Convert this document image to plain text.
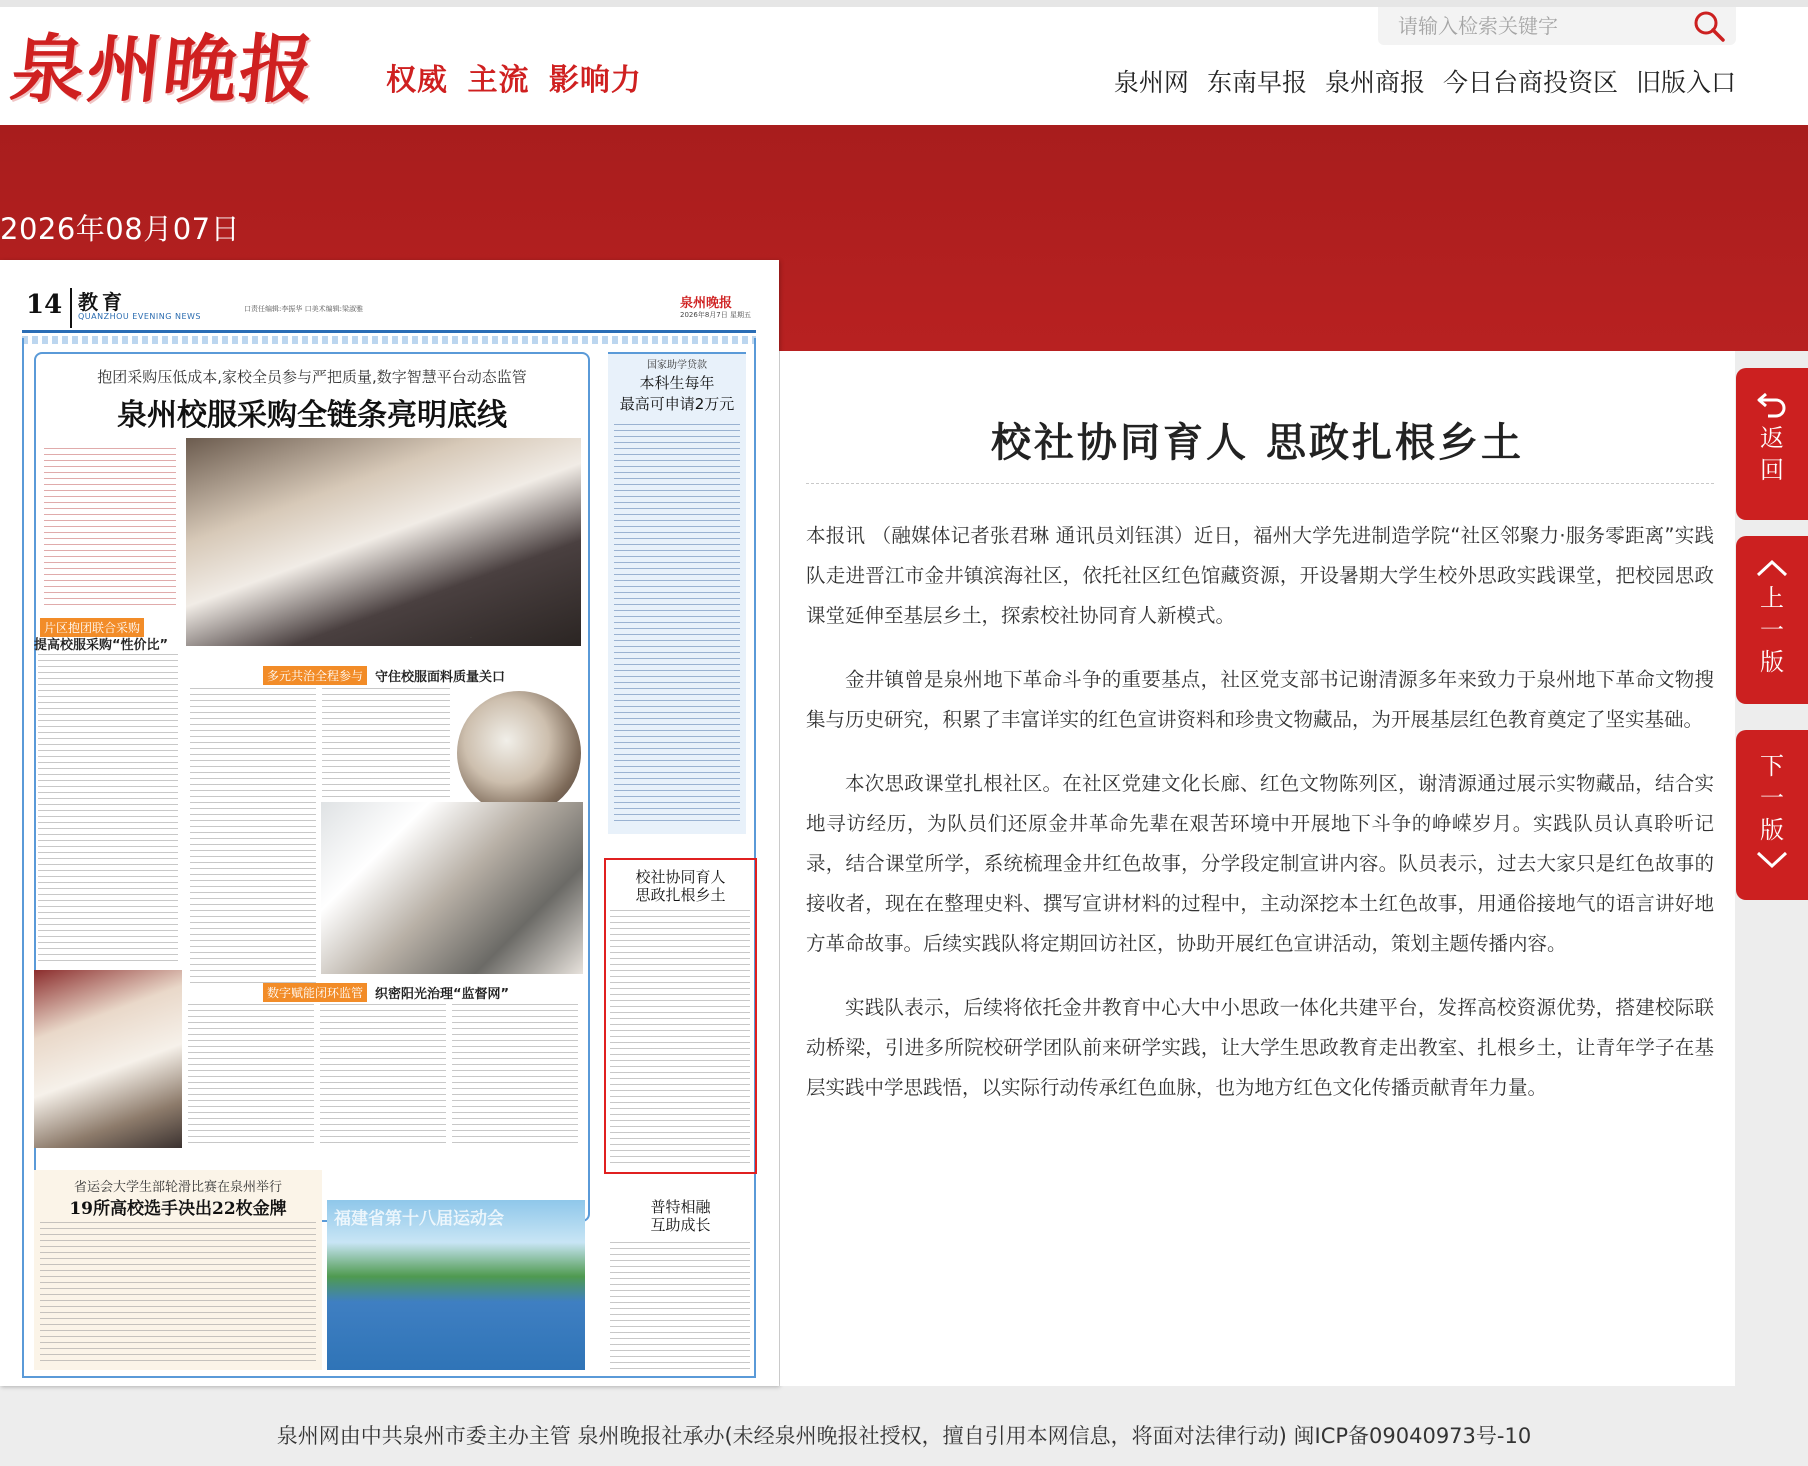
泉州晚报 权威 主流 影响力
请输入检索关键字	泉州网 东南早报 泉州商报 今日台商投资区 旧版入口
2026年08月07日
14 教育
QUANZHOU EVENING NEWS
口责任编辑:李振华 口美术编辑:梁淑雅	泉州晚报
2026年8月7日 星期五
抱团采购压低成本,家校全员参与严把质量,数字智慧平台动态监管
泉州校服采购全链条亮明底线
·
片区抱团联合采购
提高校服采购“性价比”
多元共治全程参与 守住校服面料质量关口
数字赋能闭环监管 织密阳光治理“监督网”
国家助学贷款
本科生每年
最高可申请2万元
校社协同育人
思政扎根乡土
省运会大学生部轮滑比赛在泉州举行
19所高校选手决出22枚金牌	福建省第十八届运动会
普特相融
互助成长
校社协同育人 思政扎根乡土

本报讯 （融媒体记者张君琳 通讯员刘钰淇）近日，福州大学先进制造学院“社区邻聚力·服务零距离”实践队走进晋江市金井镇滨海社区，依托社区红色馆藏资源，开设暑期大学生校外思政实践课堂，把校园思政课堂延伸至基层乡土，探索校社协同育人新模式。

金井镇曾是泉州地下革命斗争的重要基点，社区党支部书记谢清源多年来致力于泉州地下革命文物搜集与历史研究，积累了丰富详实的红色宣讲资料和珍贵文物藏品，为开展基层红色教育奠定了坚实基础。

本次思政课堂扎根社区。在社区党建文化长廊、红色文物陈列区，谢清源通过展示实物藏品，结合实地寻访经历，为队员们还原金井革命先辈在艰苦环境中开展地下斗争的峥嵘岁月。实践队员认真聆听记录，结合课堂所学，系统梳理金井红色故事，分学段定制宣讲内容。队员表示，过去大家只是红色故事的接收者，现在在整理史料、撰写宣讲材料的过程中，主动深挖本土红色故事，用通俗接地气的语言讲好地方革命故事。后续实践队将定期回访社区，协助开展红色宣讲活动，策划主题传播内容。

实践队表示，后续将依托金井教育中心大中小思政一体化共建平台，发挥高校资源优势，搭建校际联动桥梁，引进多所院校研学团队前来研学实践，让大学生思政教育走出教室、扎根乡土，让青年学子在基层实践中学思践悟，以实际行动传承红色血脉，也为地方红色文化传播贡献青年力量。

返回
上一版
下一版
泉州网由中共泉州市委主办主管 泉州晚报社承办(未经泉州晚报社授权，擅自引用本网信息，将面对法律行动) 闽ICP备09040973号-10
